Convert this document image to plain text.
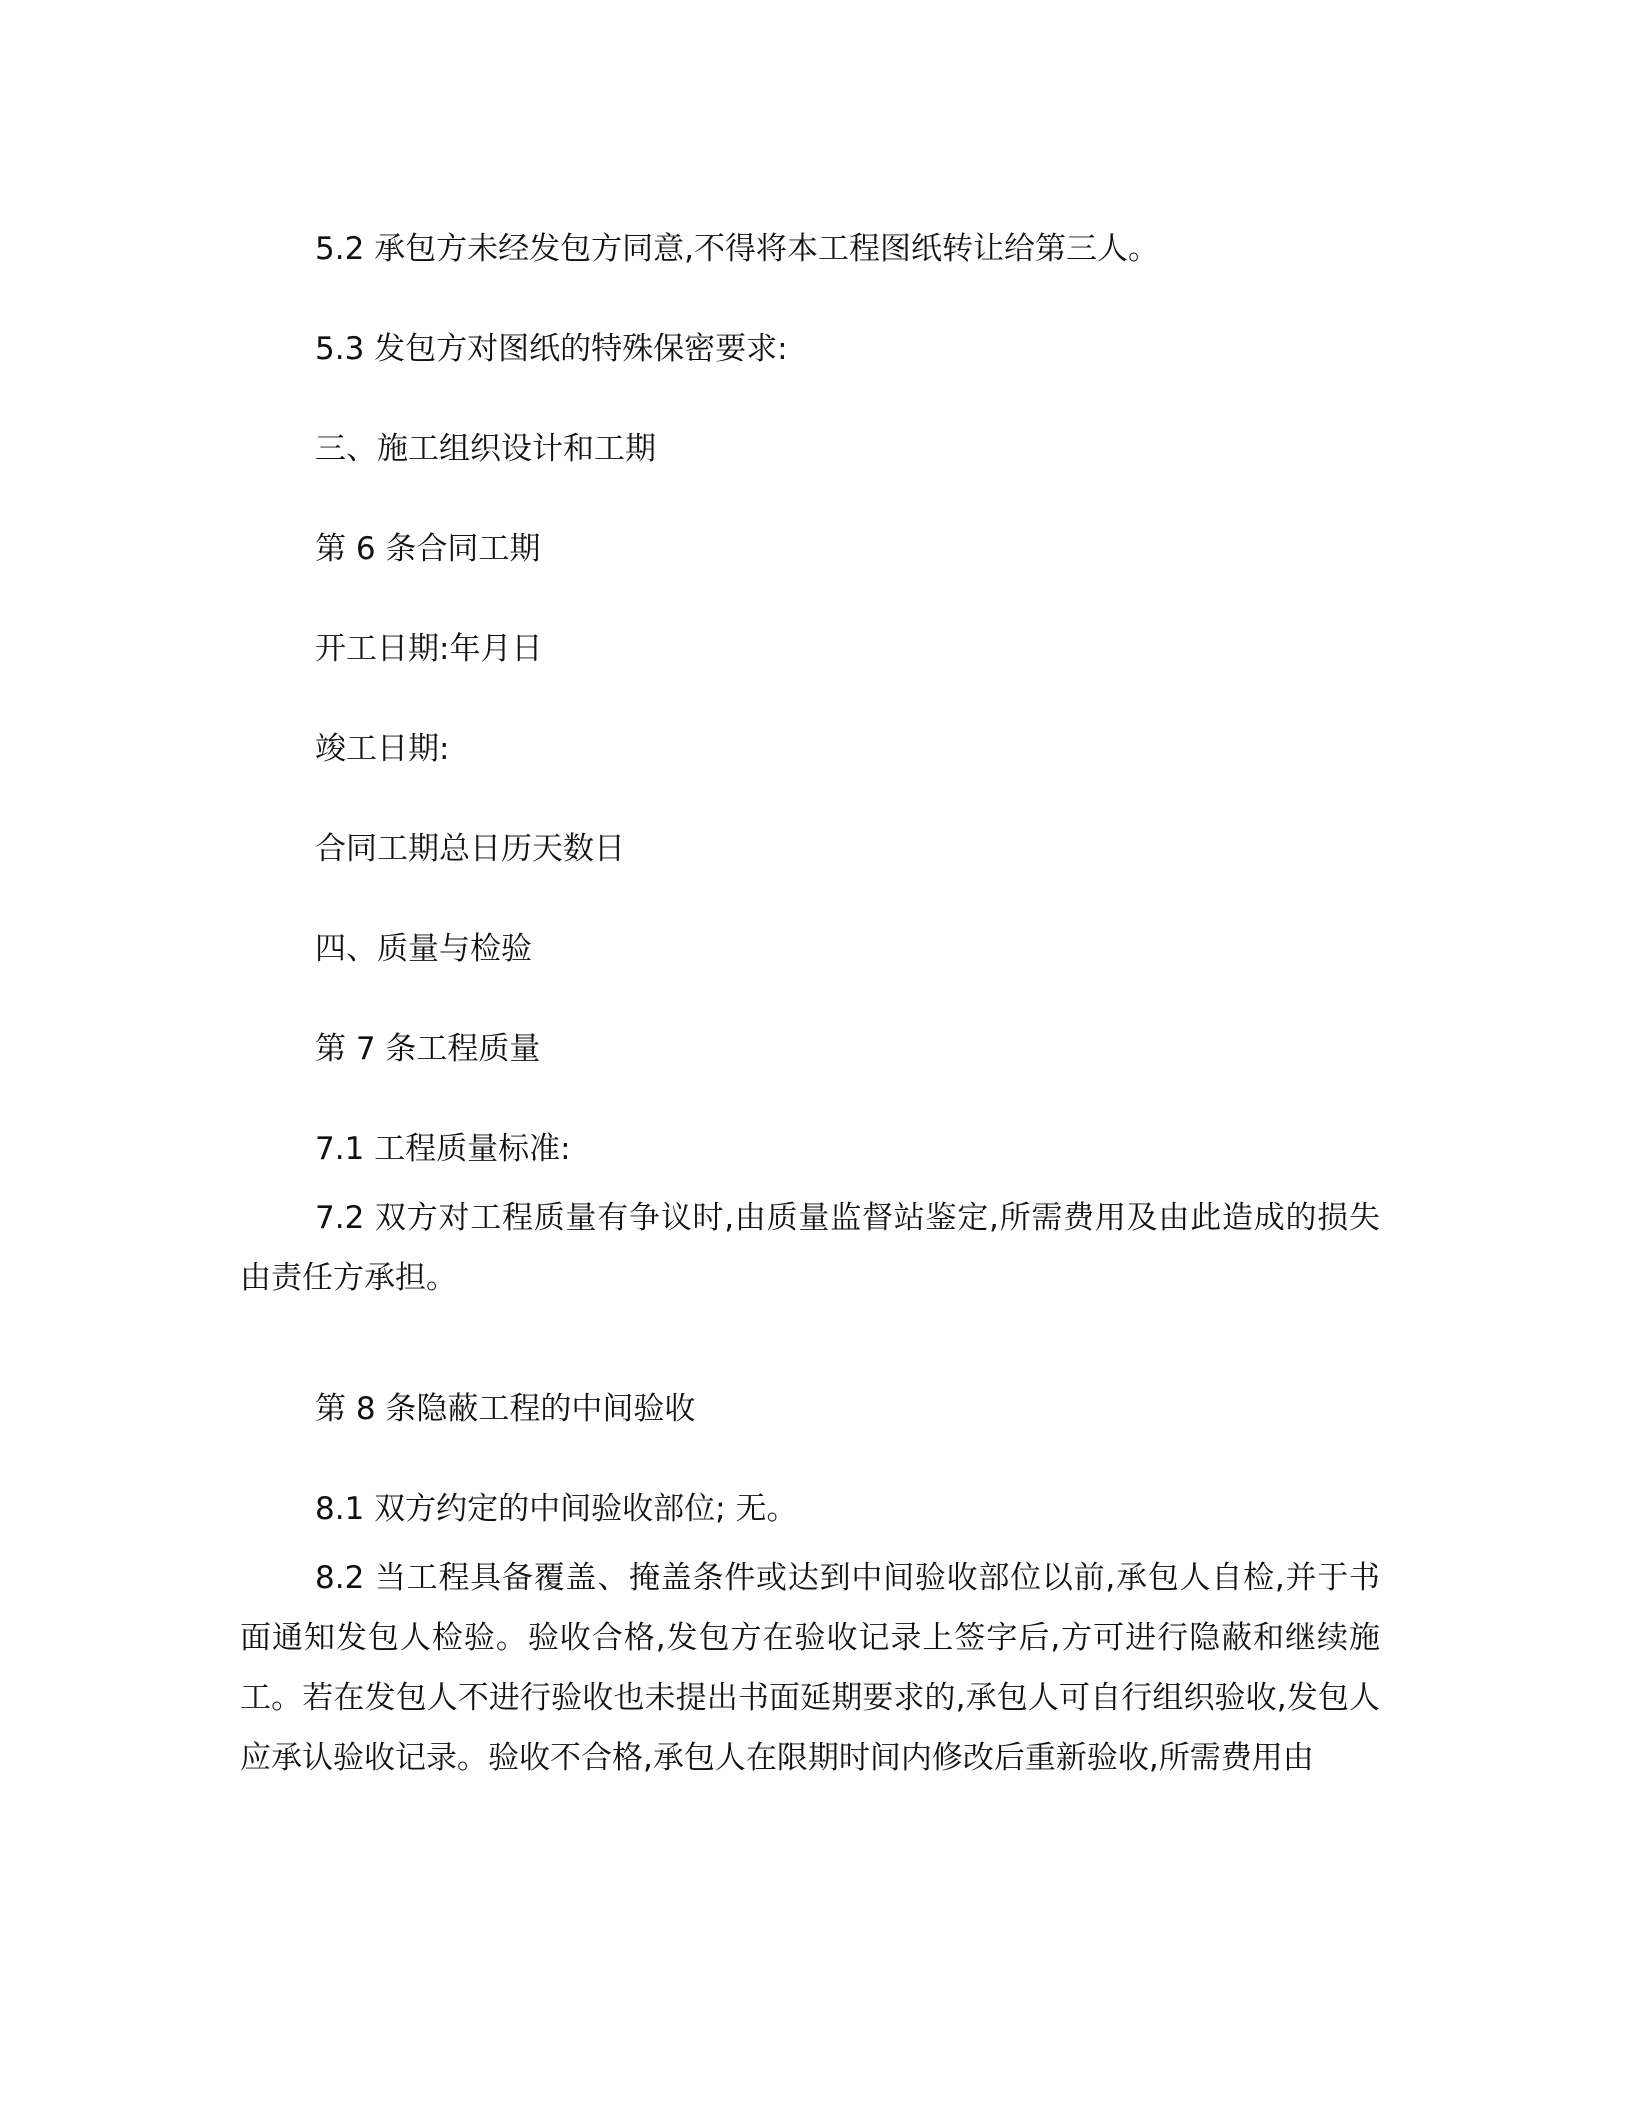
5.2 承包方未经发包方同意,不得将本工程图纸转让给第三人。

5.3 发包方对图纸的特殊保密要求:

三、施工组织设计和工期

第 6 条合同工期

开工日期:年月日

竣工日期:

合同工期总日历天数日

四、质量与检验

第 7 条工程质量

7.1 工程质量标准:

7.2 双方对工程质量有争议时,由质量监督站鉴定,所需费用及由此造成的损失由责任方承担。

第 8 条隐蔽工程的中间验收

8.1 双方约定的中间验收部位; 无。

8.2 当工程具备覆盖、掩盖条件或达到中间验收部位以前,承包人自检,并于书面通知发包人检验。验收合格,发包方在验收记录上签字后,方可进行隐蔽和继续施工。若在发包人不进行验收也未提出书面延期要求的,承包人可自行组织验收,发包人应承认验收记录。验收不合格,承包人在限期时间内修改后重新验收,所需费用由
